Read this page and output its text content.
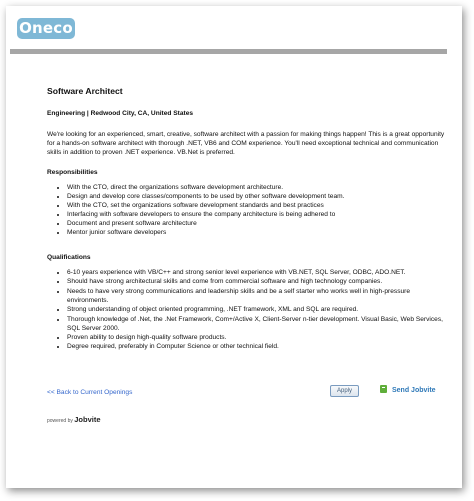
Oneco
Software Architect
Engineering | Redwood City, CA, United States
We're looking for an experienced, smart, creative, software architect with a passion for making things happen! This is a great opportunity for a hands-on software architect with thorough .NET, VB6 and COM experience. You'll need exceptional technical and communication skills in addition to proven .NET experience. VB.Net is preferred.
Responsibilities
• With the CTO, direct the organizations software development architecture.
• Design and develop core classes/components to be used by other software development team.
• With the CTO, set the organizations software development standards and best practices
• Interfacing with software developers to ensure the company architecture is being adhered to
• Document and present software architecture
• Mentor junior software developers
Qualifications
• 6-10 years experience with VB/C++ and strong senior level experience with VB.NET, SQL Server, ODBC, ADO.NET.
• Should have strong architectural skills and come from commercial software and high technology companies.
• Needs to have very strong communications and leadership skills and be a self starter who works well in high-pressure environments.
• Strong understanding of object oriented programming, .NET framework, XML and SQL are required.
• Thorough knowledge of .Net, the .Net Framework, Com+/Active X, Client-Server n-tier development. Visual Basic, Web Services, SQL Server 2000.
• Proven ability to design high-quality software products.
• Degree required, preferably in Computer Science or other technical field.
<< Back to Current Openings	Apply	Send Jobvite
powered by Jobvite
